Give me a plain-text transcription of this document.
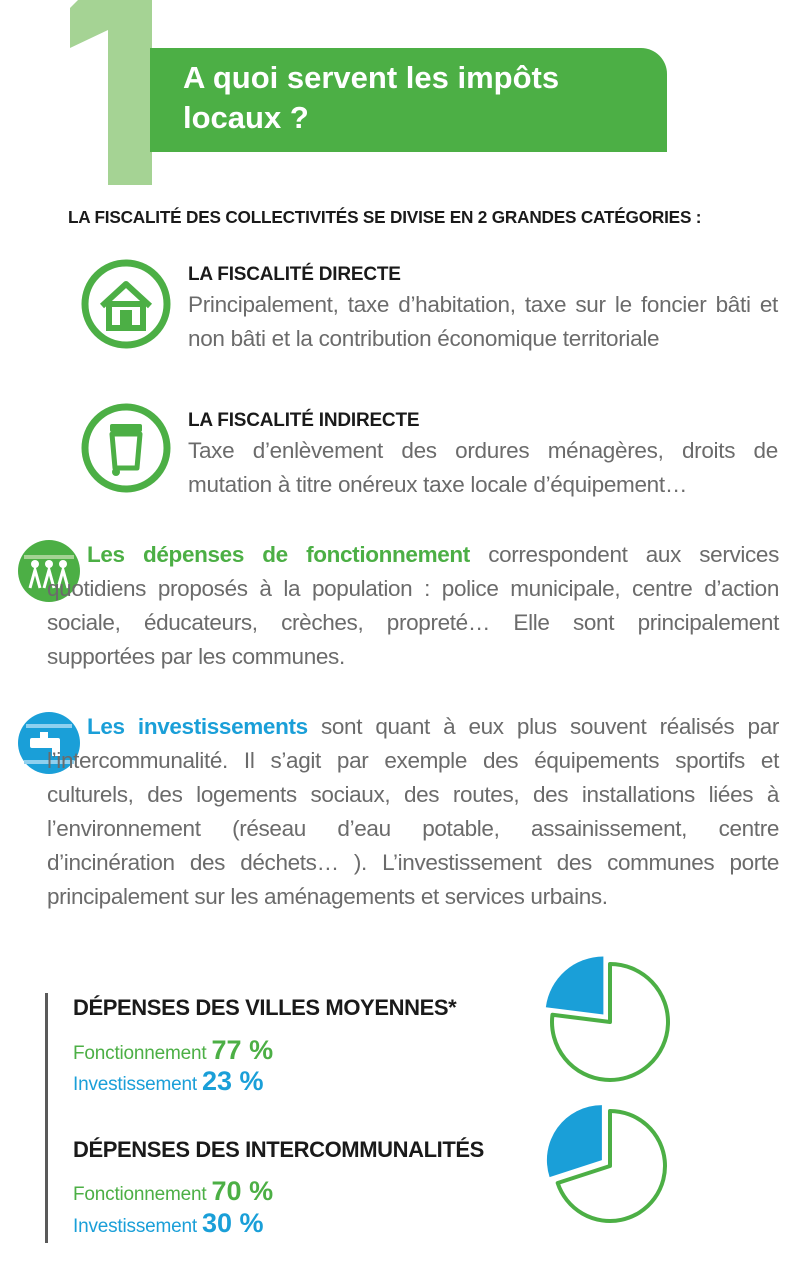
A quoi servent les impôts locaux ?
LA FISCALITÉ DES COLLECTIVITÉS SE DIVISE EN 2 GRANDES CATÉGORIES :
LA FISCALITÉ DIRECTE
Principalement, taxe d’habitation, taxe sur le foncier bâti et non bâti et la contribution économique territoriale
LA FISCALITÉ INDIRECTE
Taxe d’enlèvement des ordures ménagères, droits de mutation à titre onéreux taxe locale d’équipement…
Les dépenses de fonctionnement correspondent aux services quotidiens proposés à la population : police municipale, centre d’action sociale, éducateurs, crèches, propreté… Elle sont principalement supportées par les communes.
Les investissements sont quant à eux plus souvent réalisés par l’intercommunalité. Il s’agit par exemple des équipements sportifs et culturels, des logements sociaux, des routes, des installations liées à l’environnement (réseau d’eau potable, assainissement, centre d’incinération des déchets… ). L’investissement des communes porte principalement sur les aménagements et services urbains.
DÉPENSES DES VILLES MOYENNES*
Fonctionnement 77 %
Investissement 23 %
DÉPENSES DES INTERCOMMUNALITÉS
Fonctionnement 70 %
Investissement 30 %
